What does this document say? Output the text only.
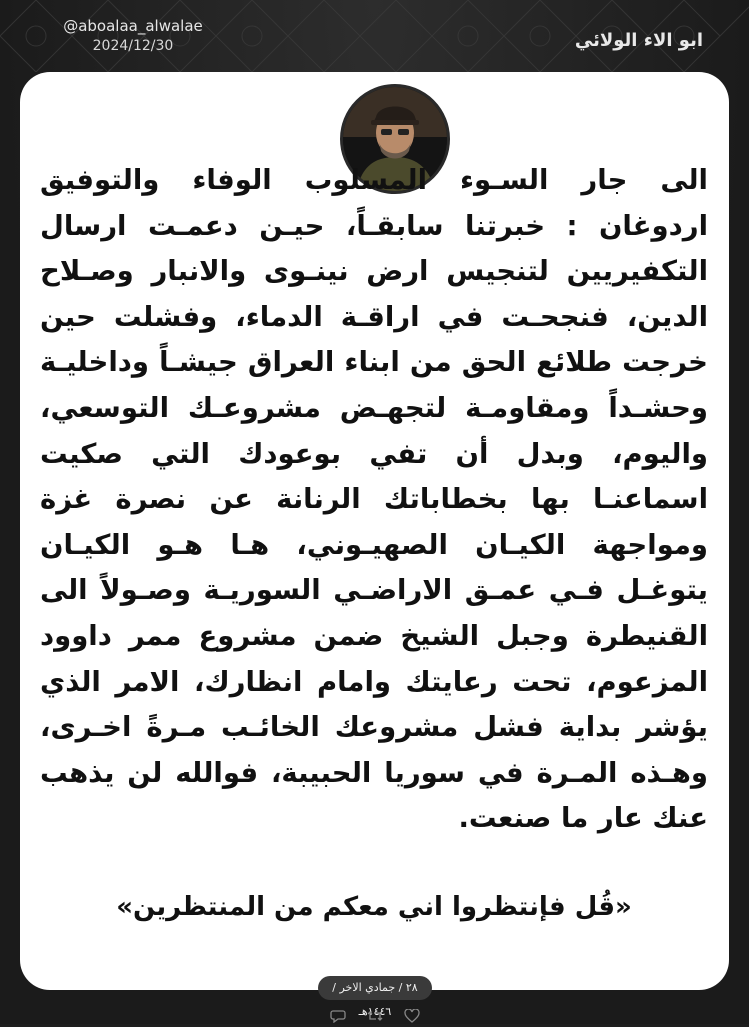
@aboalaa_alwalae
2024/12/30	ابو الاء الولائي
الى جار السـوء المسلوب الوفاء والتوفيق اردوغان : خبرتنا سابقـاً، حيـن دعمـت ارسال التكفيريين لتنجيس ارض نينـوى والانبار وصـلاح الدين، فنجحـت في اراقـة الدماء، وفشلت حين خرجت طلائع الحق من ابناء العراق جيشـاً وداخليـة وحشـداً ومقاومـة لتجهـض مشروعـك التوسعي، واليوم، وبدل أن تفي بوعودك التي صكيت اسماعنـا بها بخطاباتك الرنانة عن نصرة غزة ومواجهة الكيـان الصهيـوني، هـا هـو الكيـان يتوغـل فـي عمـق الاراضـي السوريـة وصـولاً الى القنيطرة وجبل الشيخ ضمن مشروع ممر داوود المزعوم، تحت رعايتك وامام انظارك، الامر الذي يؤشر بداية فشل مشروعك الخائـب مـرةً اخـرى، وهـذه المـرة في سوريا الحبيبة، فوالله لن يذهب عنك عار ما صنعت.
«قُل فإنتظروا اني معكم من المنتظرين»
٢٨ / جمادي الاخر / ١٤٤٦هـ
